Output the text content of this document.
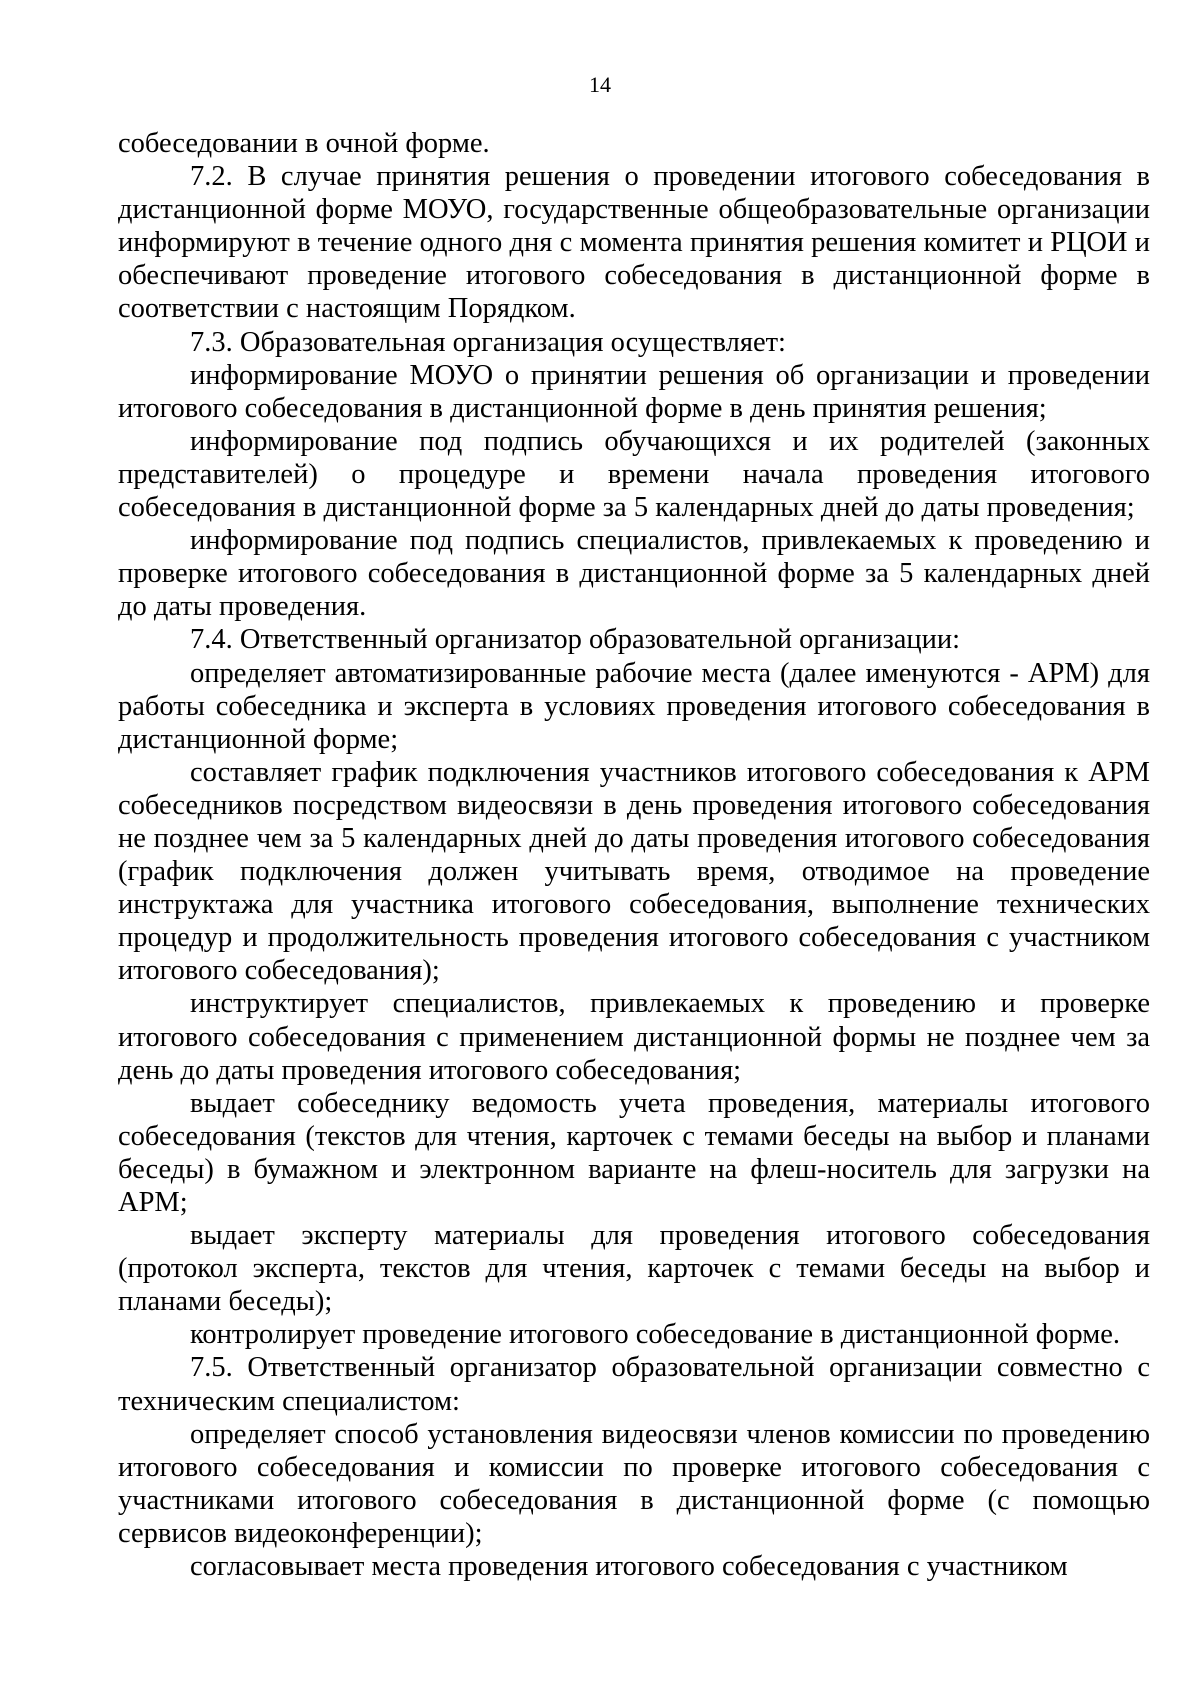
14

собеседовании в очной форме.

7.2. В случае принятия решения о проведении итогового собеседования в дистанционной форме МОУО, государственные общеобразовательные организации информируют в течение одного дня с момента принятия решения комитет и РЦОИ и обеспечивают проведение итогового собеседования в дистанционной форме в соответствии с настоящим Порядком.

7.3. Образовательная организация осуществляет:

информирование МОУО о принятии решения об организации и проведении итогового собеседования в дистанционной форме в день принятия решения;

информирование под подпись обучающихся и их родителей (законных представителей) о процедуре и времени начала проведения итогового собеседования в дистанционной форме за 5 календарных дней до даты проведения;

информирование под подпись специалистов, привлекаемых к проведению и проверке итогового собеседования в дистанционной форме за 5 календарных дней до даты проведения.

7.4. Ответственный организатор образовательной организации:

определяет автоматизированные рабочие места (далее именуются - АРМ) для работы собеседника и эксперта в условиях проведения итогового собеседования в дистанционной форме;

составляет график подключения участников итогового собеседования к АРМ собеседников посредством видеосвязи в день проведения итогового собеседования не позднее чем за 5 календарных дней до даты проведения итогового собеседования (график подключения должен учитывать время, отводимое на проведение инструктажа для участника итогового собеседования, выполнение технических процедур и продолжительность проведения итогового собеседования с участником итогового собеседования);

инструктирует специалистов, привлекаемых к проведению и проверке итогового собеседования с применением дистанционной формы не позднее чем за день до даты проведения итогового собеседования;

выдает собеседнику ведомость учета проведения, материалы итогового собеседования (текстов для чтения, карточек с темами беседы на выбор и планами беседы) в бумажном и электронном варианте на флеш-носитель для загрузки на АРМ;

выдает эксперту материалы для проведения итогового собеседования (протокол эксперта, текстов для чтения, карточек с темами беседы на выбор и планами беседы);

контролирует проведение итогового собеседование в дистанционной форме.

7.5. Ответственный организатор образовательной организации совместно с техническим специалистом:

определяет способ установления видеосвязи членов комиссии по проведению итогового собеседования и комиссии по проверке итогового собеседования с участниками итогового собеседования в дистанционной форме (с помощью сервисов видеоконференции);

согласовывает места проведения итогового собеседования с участником
